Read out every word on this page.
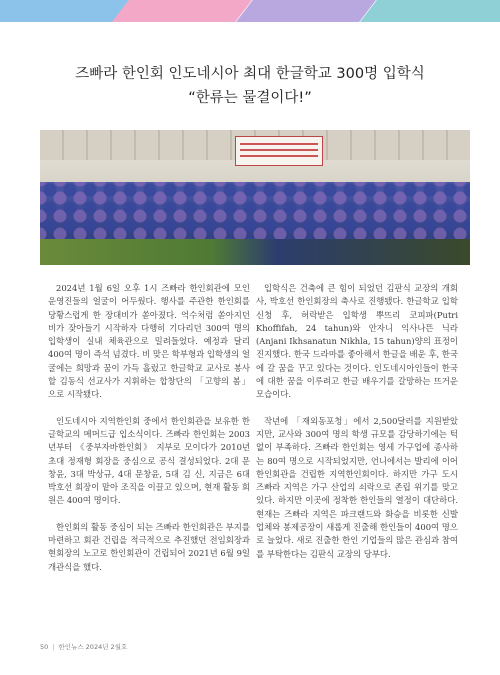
즈빠라 한인회 인도네시아 최대 한글학교 300명 입학식
“한류는 물결이다!”

2024년 1월 6일 오후 1시 즈빠라 한인회관에 모인 운영진들의 얼굴이 어두웠다. 행사를 주관한 한인회를 당황스럽게 한 장대비가 쏟아졌다. 억수처럼 쏟아지던 비가 잦아들기 시작하자 다행히 기다리던 300여 명의 입학생이 실내 체육관으로 밀려들었다. 예정과 달리 400여 명이 즉석 넘겼다. 비 맞은 학부형과 입학생의 얼굴에는 희망과 꿈이 가득 흘렀고 한글학교 교사로 봉사할 김동식 선교사가 지휘하는 합창단의 「고향의 봄」으로 시작됐다.

인도네시아 지역한인회 중에서 한인회관을 보유한 한글학교의 메머드급 입소식이다. 즈빠라 한인회는 2003년부터 《중부자바한인회》 지부로 모이다가 2010년 초대 정재형 회장을 중심으로 공식 결성되었다. 2대 문창윤, 3대 박상규, 4대 문창윤, 5대 김 신, 지금은 6대 박호선 회장이 맡아 조직을 이끌고 있으며, 현재 활동 회원은 400여 명이다.

한인회의 활동 중심이 되는 즈빠라 한인회관은 부지를 마련하고 회관 건립을 적극적으로 추진했던 전임회장과 현회장의 노고로 한인회관이 건립되어 2021년 6월 9일 개관식을 했다.

입학식은 건축에 큰 힘이 되었던 김판식 교장의 개회사, 박호선 한인회장의 축사로 진행됐다. 한글학교 입학 신청 후, 허락받은 입학생 뿌뜨리 코피파(Putri Khoffifah, 24 tahun)와 안자니 익사나뜬 닉라(Anjani Ikhsanatun Nikhla, 15 tahun)양의 표정이 진지했다. 한국 드라마를 좋아해서 한글을 배운 후, 한국에 갈 꿈을 꾸고 있다는 것이다. 인도네시아인들이 한국에 대한 꿈을 이루려고 한글 배우기를 갈망하는 뜨거운 모습이다.

작년에 「재외동포청」에서 2,500달러를 지원받았지만, 교사와 300여 명의 학생 규모를 감당하기에는 턱없이 부족하다. 즈빠라 한인회는 영세 가구업에 종사하는 80여 명으로 시작되었지만, 언니에서는 발리에 이어 한인회관을 건립한 지역한인회이다. 하지만 가구 도시 즈빠라 지역은 가구 산업의 쇠락으로 존립 위기를 맞고 있다. 하지만 이곳에 정착한 한인들의 열정이 대단하다. 현재는 즈빠라 지역은 파크랜드와 화승을 비롯한 신발업체와 봉제공장이 새롭게 진출해 한인들이 400여 명으로 늘었다. 새로 진출한 한인 기업들의 많은 관심과 참여를 부탁한다는 김판식 교장의 당부다.

50 | 한인뉴스 2024년 2월호
